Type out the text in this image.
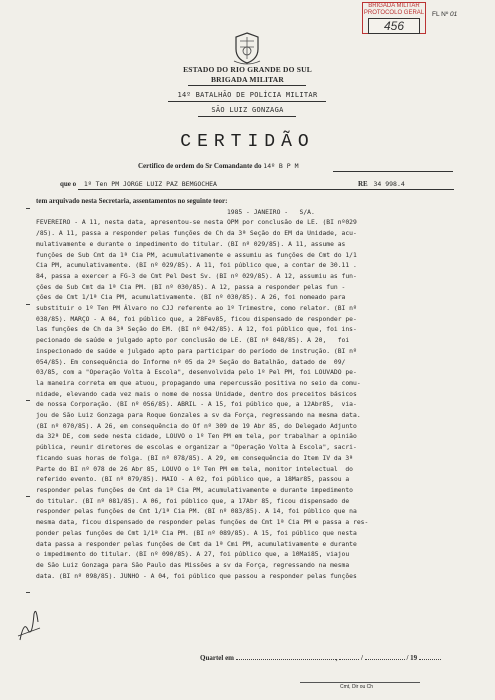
BRIGADA MILITAR PROTOCOLO GERAL
456
FL Nº 01
ESTADO DO RIO GRANDE DO SUL
BRIGADA MILITAR
14º BATALHÃO DE POLÍCIA MILITAR
SÃO LUIZ GONZAGA
CERTIDÃO
Certifico de ordem do Sr Comandante do 14º B P M
que o 1º Ten PM JORGE LUIZ PAZ BEMGOCHEA	RE 34 998.4
tem arquivado nesta Secretaria, assentamentos no seguinte teor:
1985 - JANEIRO -   S/A.
FEVEREIRO - A 11, nesta data, apresentou-se nesta OPM por conclusão de LE. (BI nº029
/85). A 11, passa a responder pelas funções de Ch da 3ª Seção do EM da Unidade, acu-
mulativamente e durante o impedimento do titular. (BI nº 029/85). A 11, assume as
funções de Sub Cmt da 1ª Cia PM, acumulativamente e assumiu as funções de Cmt do 1/1
Cia PM, acumulativamente. (BI nº 029/85). A 11, foi público que, a contar de 30.11 .
84, passa a exercer a FG-3 de Cmt Pel Dest Sv. (BI nº 029/85). A 12, assumiu as fun-
ções de Sub Cmt da 1ª Cia PM. (BI nº 030/85). A 12, passa a responder pelas fun -
ções de Cmt 1/1ª Cia PM, acumulativamente. (BI nº 030/85). A 26, foi nomeado para
substituir o 1º Ten PM Álvaro no CJJ referente ao 1º Trimestre, como relator. (BI nº
038/85). MARÇO - A 04, foi público que, a 28Fev85, ficou dispensado de responder pe-
las funções de Ch da 3ª Seção do EM. (BI nº 042/85). A 12, foi público que, foi ins-
pecionado de saúde e julgado apto por conclusão de LE. (BI nº 048/85). A 20,   foi
inspecionado de saúde e julgado apto para participar do período de instrução. (BI nº
054/85). Em consequência do Informe nº 05 da 2ª Seção do Batalhão, datado de  09/
03/85, com a "Operação Volta à Escola", desenvolvida pelo 1º Pel PM, foi LOUVADO pe-
la maneira correta em que atuou, propagando uma repercussão positiva no seio da comu-
nidade, elevando cada vez mais o nome de nossa Unidade, dentro dos preceitos básicos
de nossa Corporação. (BI nº 056/85). ABRIL - A 15, foi público que, a 12Abr85,  via-
jou de São Luiz Gonzaga para Roque Gonzales a sv da Força, regressando na mesma data.
(BI nº 070/85). A 26, em consequência do Of nº 309 de 19 Abr 85, do Delegado Adjunto
da 32ª DE, com sede nesta cidade, LOUVO o 1º Ten PM em tela, por trabalhar a opinião
pública, reunir diretores de escolas e organizar a "Operação Volta à Escola", sacri-
ficando suas horas de folga. (BI nº 078/85). A 29, em consequência do Item IV da 3ª
Parte do BI nº 078 de 26 Abr 85, LOUVO o 1º Ten PM em tela, monitor intelectual  do
referido evento. (BI nº 079/85). MAIO - A 02, foi público que, a 18Mar85, passou a
responder pelas funções de Cmt da 1ª Cia PM, acumulativamente e durante impedimento
do titular. (BI nº 081/85). A 06, foi público que, a 17Abr 85, ficou dispensado de
responder pelas funções de Cmt 1/1ª Cia PM. (BI nº 083/85). A 14, foi público que na
mesma data, ficou dispensado de responder pelas funções de Cmt 1ª Cia PM e passa a res-
ponder pelas funções de Cmt 1/1ª Cia PM. (BI nº 089/85). A 15, foi público que nesta
data passa a responder pelas funções de Cmt da 1ª Cmi PM, acumulativamente e durante
o impedimento do titular. (BI nº 090/85). A 27, foi público que, a 10Mai85, viajou
de São Luiz Gonzaga para São Paulo das Missões a sv da Força, regressando na mesma
data. (BI nº 098/85). JUNHO - A 04, foi público que passou a responder pelas funções
Quartel em	,	/	/ 19
Cmt, Dir ou Ch
